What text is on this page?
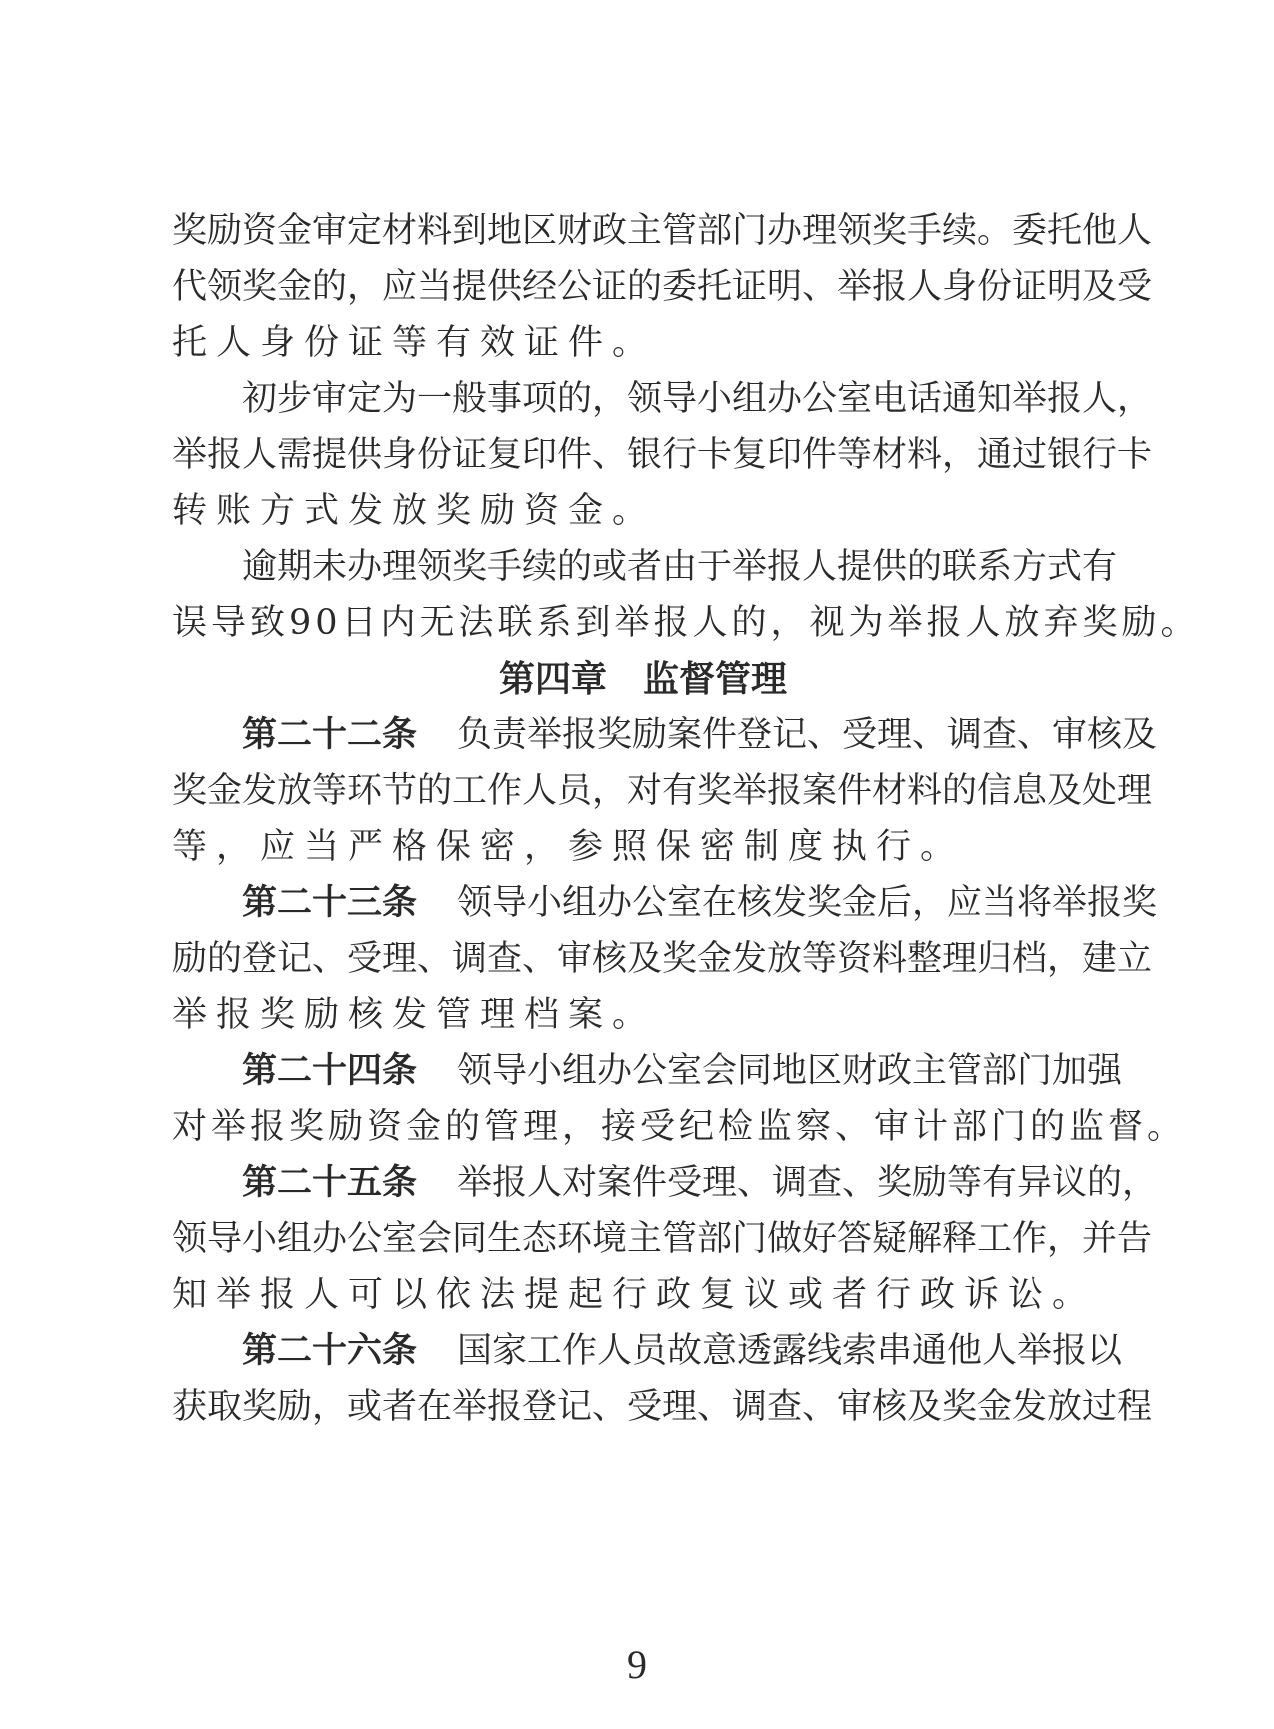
奖励资金审定材料到地区财政主管部门办理领奖手续。委托他人
代领奖金的，应当提供经公证的委托证明、举报人身份证明及受
托人身份证等有效证件。
初步审定为一般事项的，领导小组办公室电话通知举报人，
举报人需提供身份证复印件、银行卡复印件等材料，通过银行卡
转账方式发放奖励资金。
逾期未办理领奖手续的或者由于举报人提供的联系方式有
误导致90日内无法联系到举报人的，视为举报人放弃奖励。
第四章　监督管理
第二十二条 负责举报奖励案件登记、受理、调查、审核及
奖金发放等环节的工作人员，对有奖举报案件材料的信息及处理
等，应当严格保密，参照保密制度执行。
第二十三条 领导小组办公室在核发奖金后，应当将举报奖
励的登记、受理、调查、审核及奖金发放等资料整理归档，建立
举报奖励核发管理档案。
第二十四条 领导小组办公室会同地区财政主管部门加强
对举报奖励资金的管理，接受纪检监察、审计部门的监督。
第二十五条 举报人对案件受理、调查、奖励等有异议的，
领导小组办公室会同生态环境主管部门做好答疑解释工作，并告
知举报人可以依法提起行政复议或者行政诉讼。
第二十六条 国家工作人员故意透露线索串通他人举报以
获取奖励，或者在举报登记、受理、调查、审核及奖金发放过程
9
